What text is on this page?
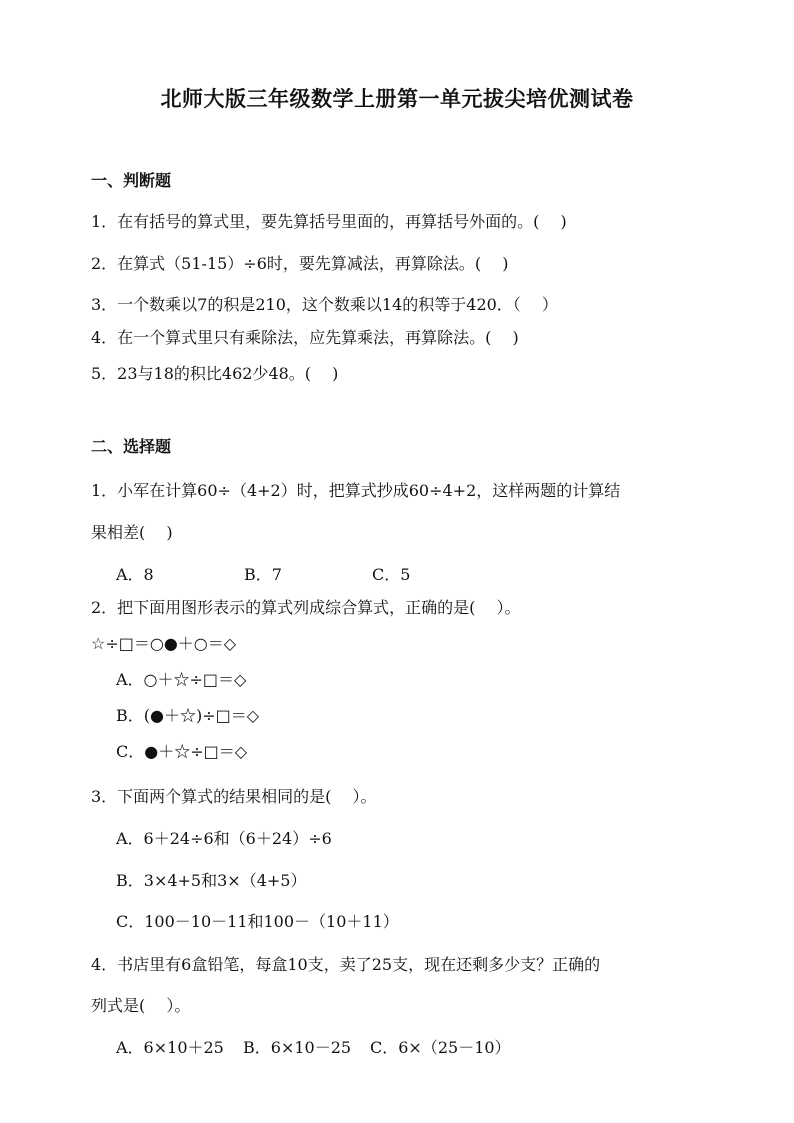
北师大版三年级数学上册第一单元拔尖培优测试卷
一、判断题
1．在有括号的算式里，要先算括号里面的，再算括号外面的。(　 )
2．在算式（51-15）÷6时，要先算减法，再算除法。(　 )
3．一个数乘以7的积是210，这个数乘以14的积等于420．（　 ）
4．在一个算式里只有乘除法，应先算乘法，再算除法。(　 )
5．23与18的积比462少48。(　 )
二、选择题
1．小军在计算60÷（4+2）时，把算式抄成60÷4+2，这样两题的计算结
果相差(　 )
A．8	B．7	C．5
2．把下面用图形表示的算式列成综合算式，正确的是(　 ）。
☆÷□＝○●＋○＝◇
A．○＋☆÷□＝◇
B．(●＋☆)÷□＝◇
C．●＋☆÷□＝◇
3．下面两个算式的结果相同的是(　 ）。
A．6＋24÷6和（6＋24）÷6
B．3×4+5和3×（4+5）
C．100－10－11和100－（10＋11）
4．书店里有6盒铅笔，每盒10支，卖了25支，现在还剩多少支？正确的
列式是(　 ）。
A．6×10＋25 B．6×10－25 C．6×（25－10）
